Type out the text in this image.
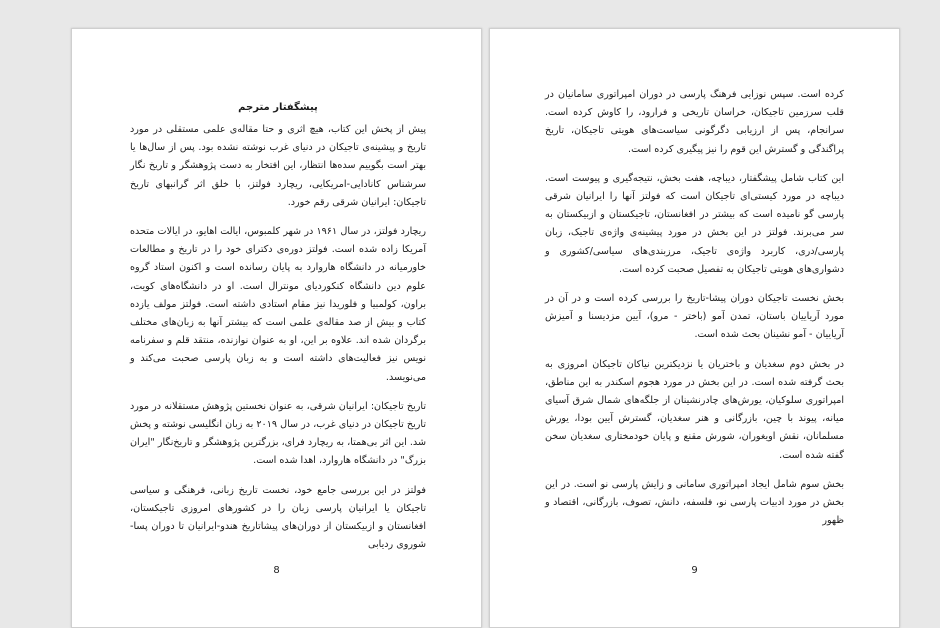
پیشگفتار مترجم

پیش از پخش این کتاب، هیچ اثری و حتا مقاله‌ی علمی مستقلی در مورد تاریخ و پیشینه‌ی تاجیکان در دنیای غرب نوشته نشده بود. پس از سال‌ها یا بهتر است بگوییم سده‌ها انتظار، این افتخار به دست پژوهشگر و تاریخ نگار سرشناس کانادایی-امریکایی، ریچارد فولتز، با خلق اثر گرانبهای تاریخ تاجیکان: ایرانیان شرقی رقم خورد.

ریچارد فولتز، در سال ۱۹۶۱ در شهر کلمبوس، ایالت اهایو، در ایالات متحده آمریکا زاده شده است. فولتز دوره‌ی دکترای خود را در تاریخ و مطالعات خاورمیانه در دانشگاه هاروارد به پایان رسانده است و اکنون استاد گروه علوم دین دانشگاه کنکوردیای مونترال است. او در دانشگاه‌های کویت، براون، کولمبیا و فلوریدا نیز مقام استادی داشته است. فولتز مولف یازده کتاب و بیش از صد مقاله‌ی علمی است که بیشتر آنها به زبان‌های مختلف برگردان شده اند. علاوه بر این، او به عنوان نوازنده، منتقد قلم و سفرنامه نویس نیز فعالیت‌های داشته است و به زبان پارسی صحبت می‌کند و می‌نویسد.

تاریخ تاجیکان: ایرانیان شرقی، به عنوان نخستین پژوهش مستقلانه در مورد تاریخ تاجیکان در دنیای غرب، در سال ۲۰۱۹ به زبان انگلیسی نوشته و پخش شد. این اثر بی‌همتا، به ریچارد فرای، بزرگترین پژوهشگر و تاریخ‌نگار "ایران بزرگ" در دانشگاه هاروارد، اهدا شده است.

فولتز در این بررسی جامع خود، نخست تاریخ زبانی، فرهنگی و سیاسی تاجیکان یا ایرانیان پارسی زبان را در کشورهای امروزی تاجیکستان، افغانستان و ازبیکستان از دوران‌های پیشاتاریخ هندو-ایرانیان تا دوران پسا-شوروی ردیابی

8

کرده است. سپس نوزایی فرهنگ پارسی در دوران امپراتوری سامانیان در قلب سرزمین تاجیکان، خراسان تاریخی و فرارود، را کاوش کرده است. سرانجام، پس از ارزیابی دگرگونی سیاست‌های هویتی تاجیکان، تاریخ پراگندگی و گسترش این قوم را نیز پیگیری کرده است.

این کتاب شامل پیشگفتار، دیباچه، هفت بخش، نتیجه‌گیری و پیوست است. دیباچه در مورد کیستی‌ای تاجیکان است که فولتز آنها را ایرانیان شرقی پارسی گو نامیده است که بیشتر در افغانستان، تاجیکستان و ازبیکستان به سر می‌برند. فولتز در این بخش در مورد پیشینه‌ی واژه‌ی تاجیک، زبان پارسی/دری، کاربرد واژه‌ی تاجیک، مرزبندی‌های سیاسی/کشوری و دشواری‌های هویتی تاجیکان به تفصیل صحبت کرده است.

بخش نخست تاجیکان دوران پیشا-تاریخ را بررسی کرده است و در آن در مورد آریاییان باستان، تمدن آمو (باختر - مرو)، آیین مزدیسنا و آمیزش آریاییان - آمو نشینان بحث شده است.

در بخش دوم سغدیان و باختریان یا نزدیکترین نیاکان تاجیکان امروزی به بحث گرفته شده است. در این بخش در مورد هجوم اسکندر به این مناطق، امپراتوری سلوکیان، یورش‌های چادرنشینان از جلگه‌های شمال شرق آسیای میانه، پیوند با چین، بازرگانی و هنر سغدیان، گسترش آیین بودا، یورش مسلمانان، نقش اویغوران، شورش مقنع و پایان خودمختاری سغدیان سخن گفته شده است.

بخش سوم شامل ایجاد امپراتوری سامانی و زایش پارسی نو است. در این بخش در مورد ادبیات پارسی نو، فلسفه، دانش، تصوف، بازرگانی، اقتصاد و ظهور

9
